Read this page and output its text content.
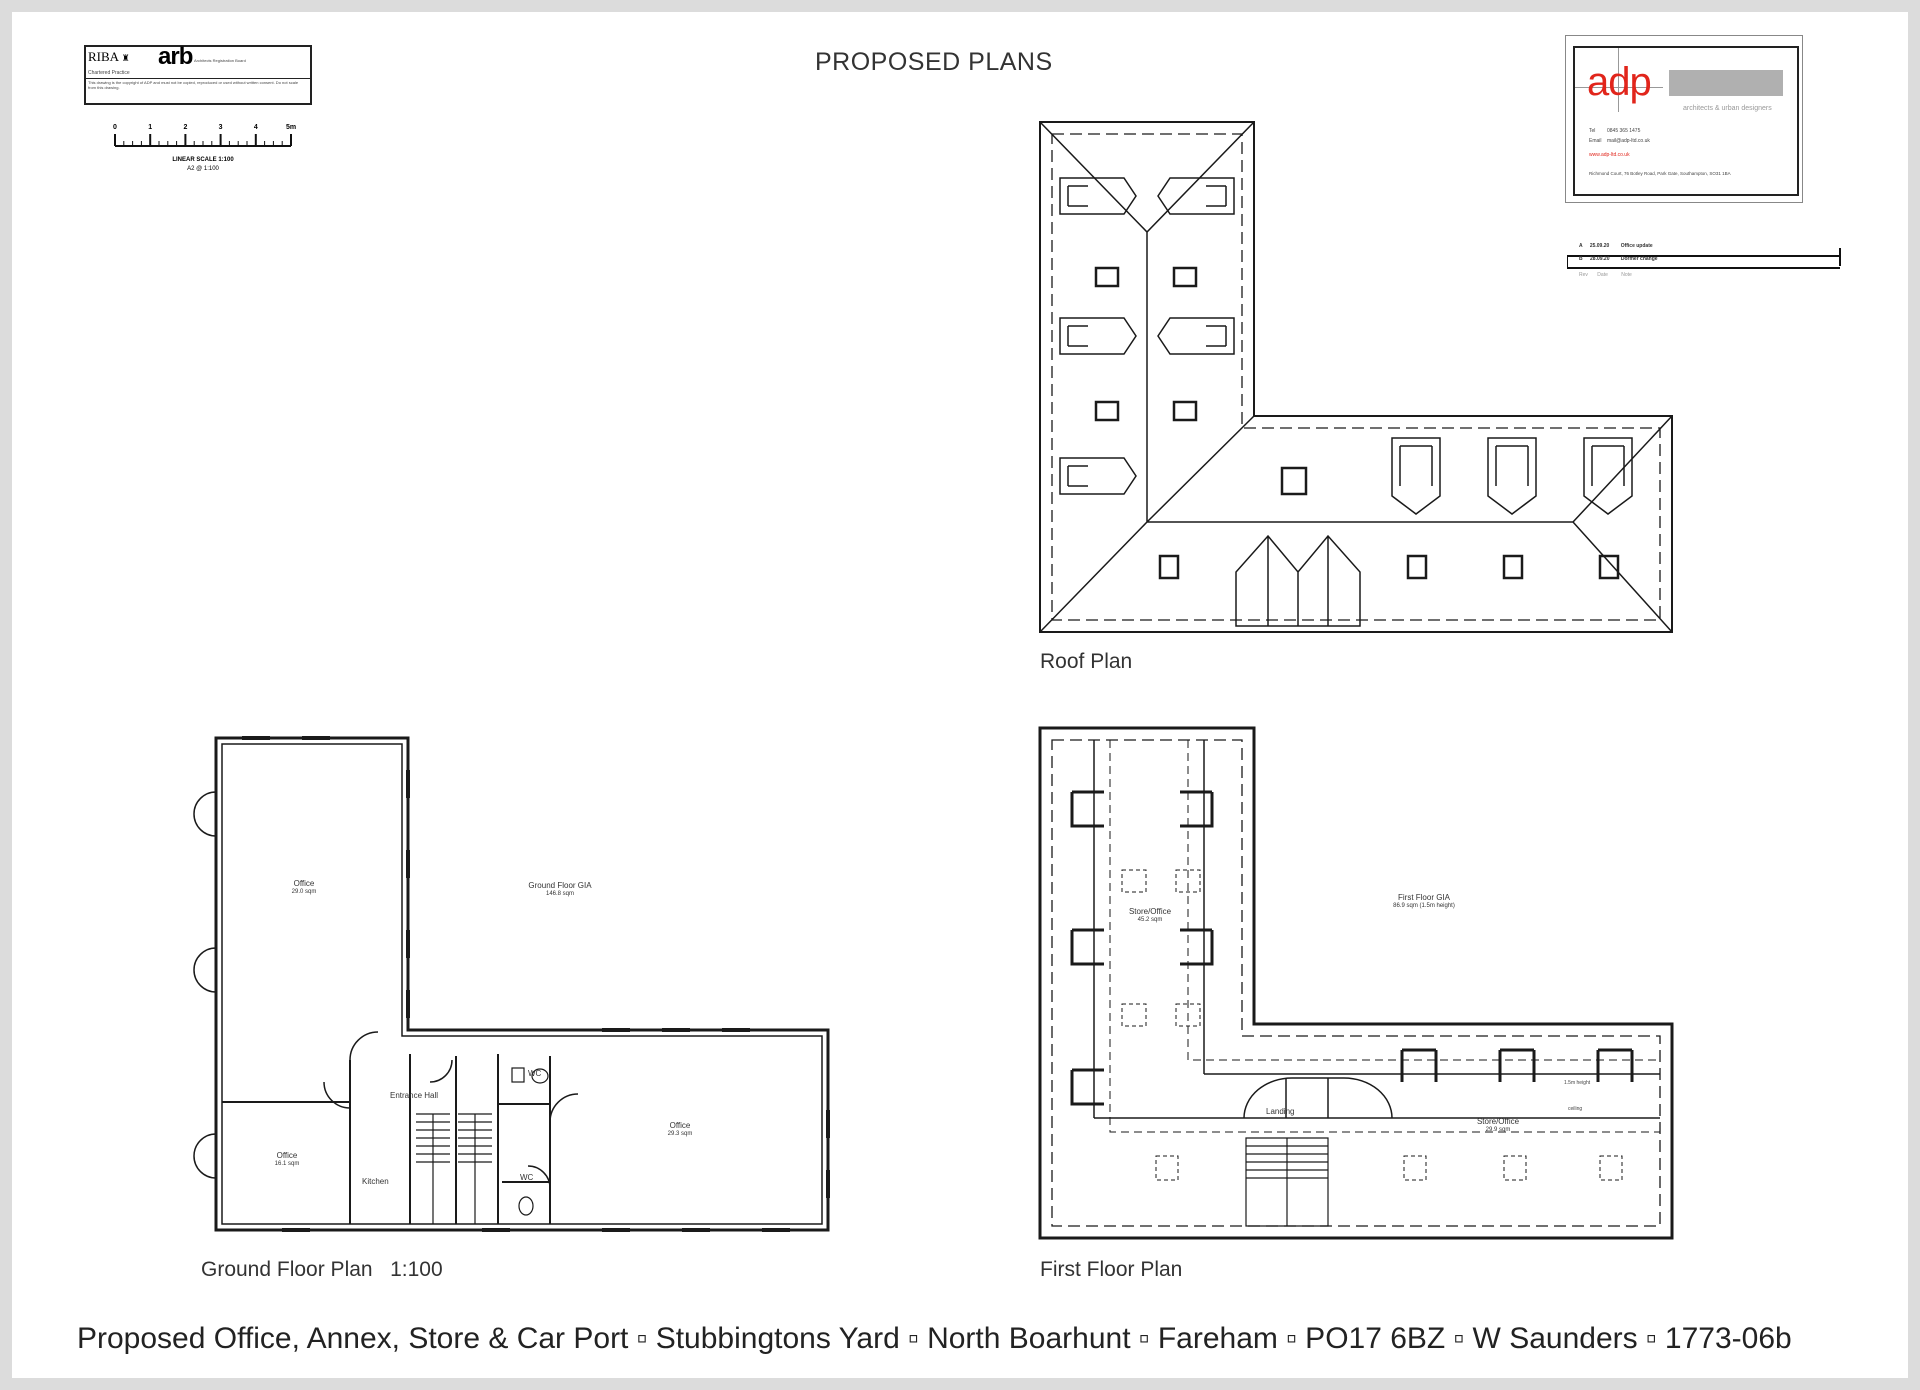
PROPOSED PLANS
RIBA ♜	arb
Chartered Practice
Architects Registration Board
This drawing is the copyright of ADP and must not be copied, reproduced or used without written consent. Do not scale from this drawing.
0	1	2	3	4	5m
LINEAR SCALE 1:100
A2 @ 1:100
adp
architects & urban designers
Tel 0845 365 1475
Email mail@adp-ltd.co.uk
www.adp-ltd.co.uk
Richmond Court, 76 Botley Road, Park Gate, Southampton, SO31 1BA
A 25.09.20 Office update
B 28.09.20 Dormer change
Rev Date	Note
Office
29.0 sqm
Ground Floor GIA
146.8 sqm
Entrance Hall
WC
Office
29.3 sqm
Office
16.1 sqm
WC
Kitchen
Store/Office
45.2 sqm
First Floor GIA
86.9 sqm (1.5m height)
Landing
Store/Office
29.9 sqm
1.5m height
ceiling
Roof Plan
Ground Floor Plan   1:100	First Floor Plan
Proposed Office, Annex, Store & Car Port ▫ Stubbingtons Yard ▫ North Boarhunt ▫ Fareham ▫ PO17 6BZ ▫ W Saunders ▫ 1773-06b
